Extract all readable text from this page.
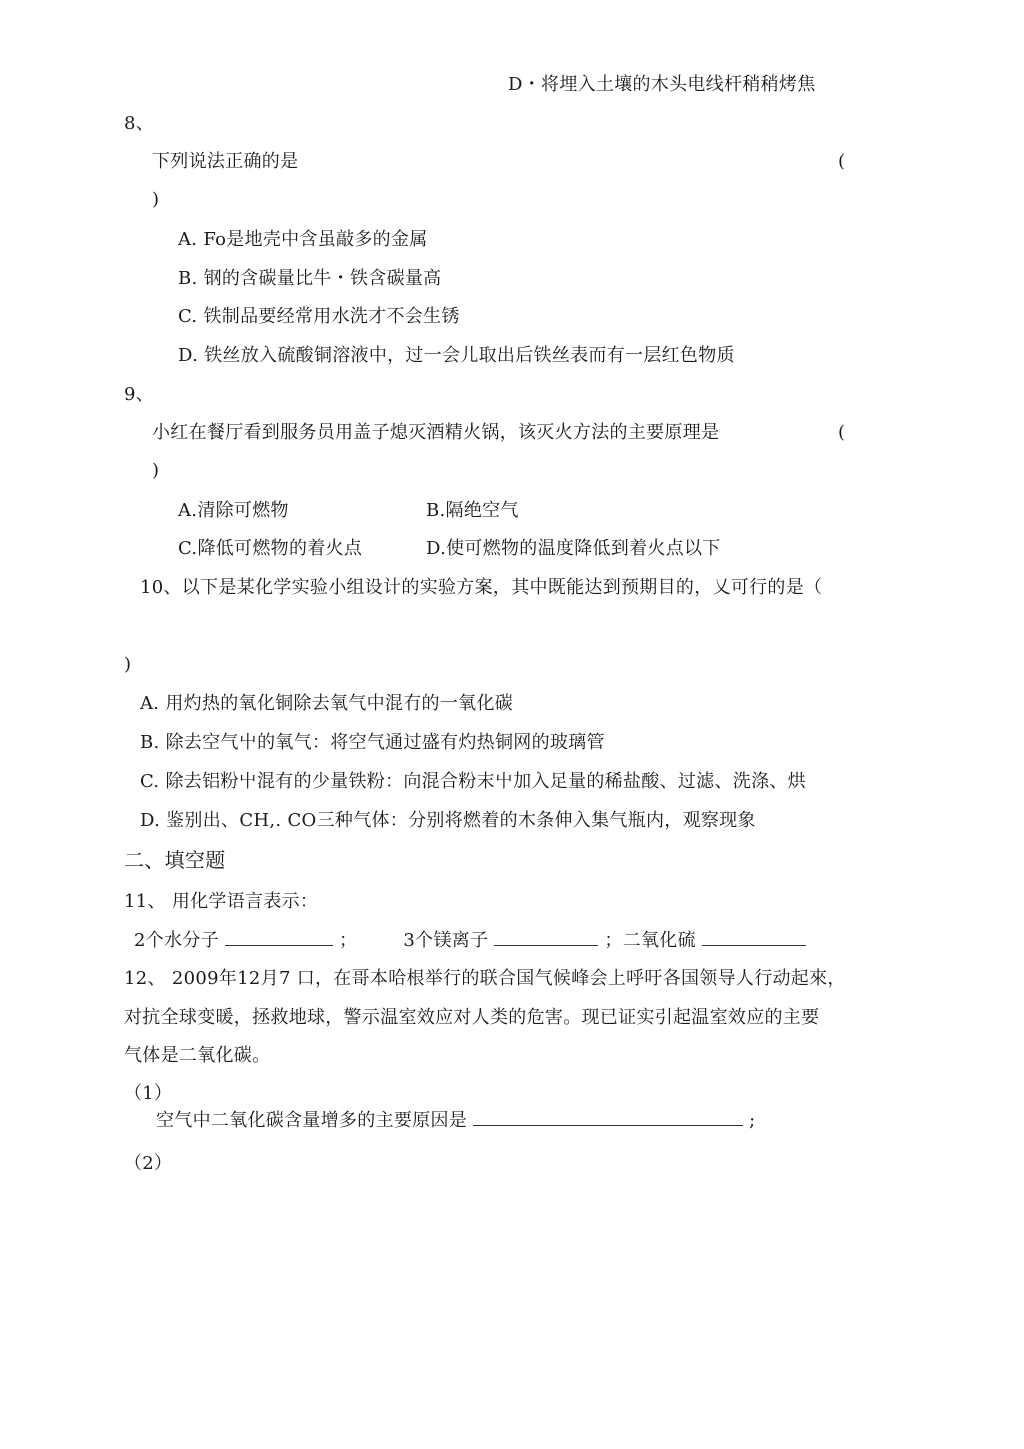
D・将埋入土壤的木头电线杆稍稍烤焦
8、
下列说法正确的是	(
)
A. Fo是地壳中含虽敲多的金属
B. 钢的含碳量比牛・铁含碳量高
C. 铁制品要经常用水洗才不会生锈
D. 铁丝放入硫酸铜溶液中，过一会儿取出后铁丝表而有一层红色物质
9、
小红在餐厅看到服务员用盖子熄灭酒精火锅，该灭火方法的主要原理是	(
)
A.清除可燃物	B.隔绝空气
C.降低可燃物的着火点	D.使可燃物的温度降低到着火点以下
10、以下是某化学实验小组设计的实验方案，其中既能达到预期目的，乂可行的是（
)
A. 用灼热的氧化铜除去氧气中混冇的一氧化碳
B. 除去空气屮的氧气：将空气通过盛有灼热铜网的玻璃管
C. 除去铝粉屮混有的少量铁粉：向混合粉末屮加入足量的稀盐酸、过滤、洗涤、烘
D. 鉴别出、CH,. CO三种气体：分别将燃着的木条伸入集气瓶内，观察现象
二、填空题
11、 用化学语言表示：
2个水分子	；	3个镁离子	；二氧化硫
12、 2009年12月7 口，在哥本哈根举行的联合国气候峰会上呼吁各国领导人行动起來，
对抗全球变暖，拯救地球，警示温室效应对人类的危害。现已证实引起温室效应的主要
气体是二氧化碳。
（1）
空气中二氧化碳含量增多的主要原因是	;
（2）
